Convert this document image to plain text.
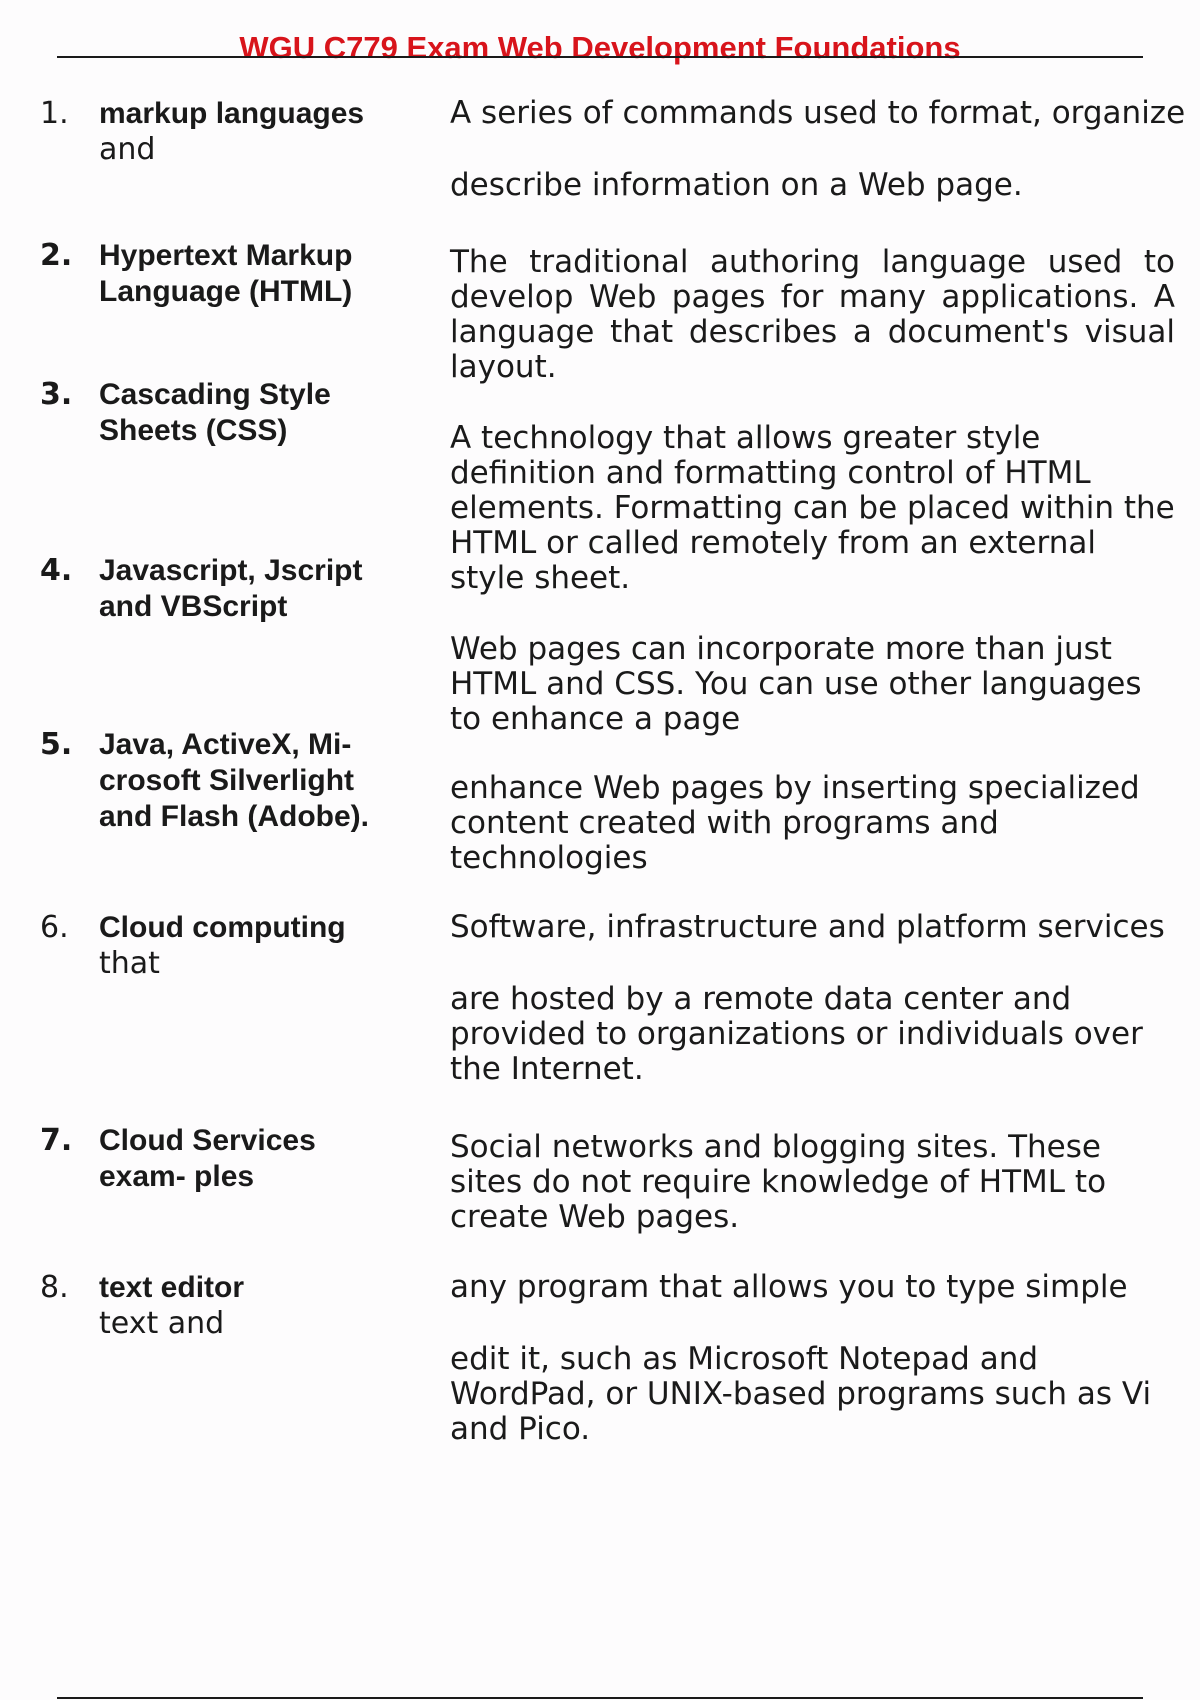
WGU C779 Exam Web Development Foundations
1. markup languages
and
A series of commands used to format, organize
describe information on a Web page.
2. Hypertext Markup Language (HTML)
The traditional authoring language used to develop Web pages for many applications. A language that describes a document's visual layout.
3. Cascading Style Sheets (CSS)	A technology that allows greater style definition and formatting control of HTML elements. Formatting can be placed within the HTML or called remotely from an external style sheet.
4. Javascript, Jscript and VBScript
Web pages can incorporate more than just HTML and CSS. You can use other languages to enhance a page
5. Java, ActiveX, Mi- crosoft Silverlight and Flash (Adobe).
enhance Web pages by inserting specialized content created with programs and technologies
6. Cloud computing
that
Software, infrastructure and platform services
are hosted by a remote data center and provided to organizations or individuals over the Internet.
7. Cloud Services exam- ples
Social networks and blogging sites. These sites do not require knowledge of HTML to create Web pages.
8. text editor
text and
any program that allows you to type simple
edit it, such as Microsoft Notepad and WordPad, or UNIX-based programs such as Vi and Pico.
